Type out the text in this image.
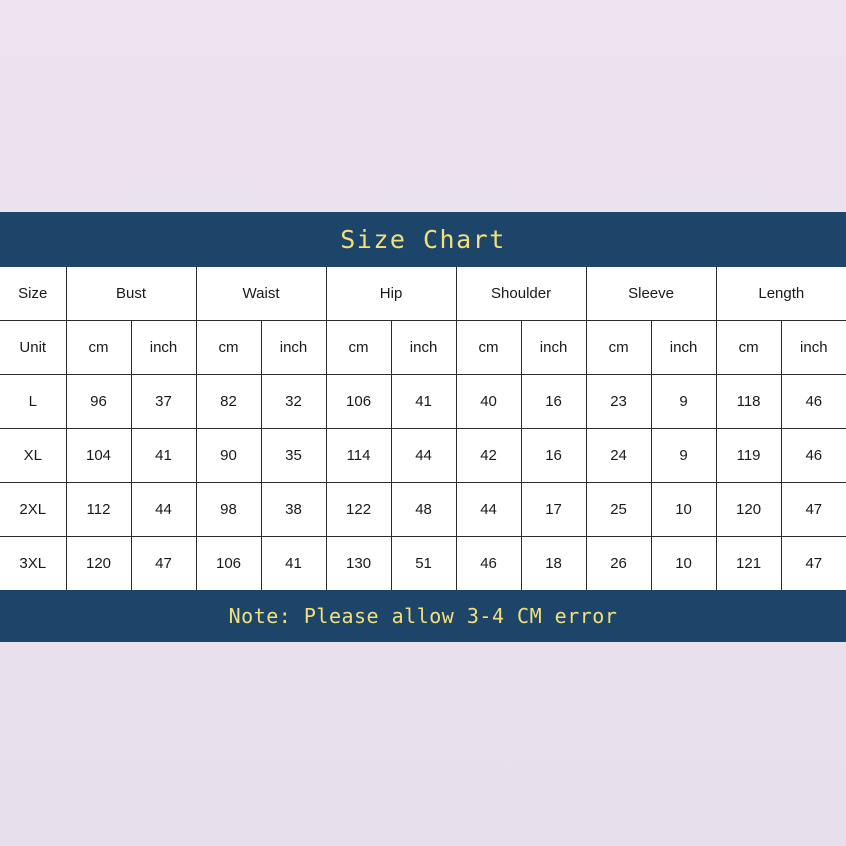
Size Chart
Size	Bust		Waist		Hip		Shoulder		Sleeve		Length	
Unit	cm	inch	cm	inch	cm	inch	cm	inch	cm	inch	cm	inch
L	96	37	82	32	106	41	40	16	23	9	118	46
XL	104	41	90	35	114	44	42	16	24	9	119	46
2XL	112	44	98	38	122	48	44	17	25	10	120	47
3XL	120	47	106	41	130	51	46	18	26	10	121	47
Note: Please allow 3-4 CM error
